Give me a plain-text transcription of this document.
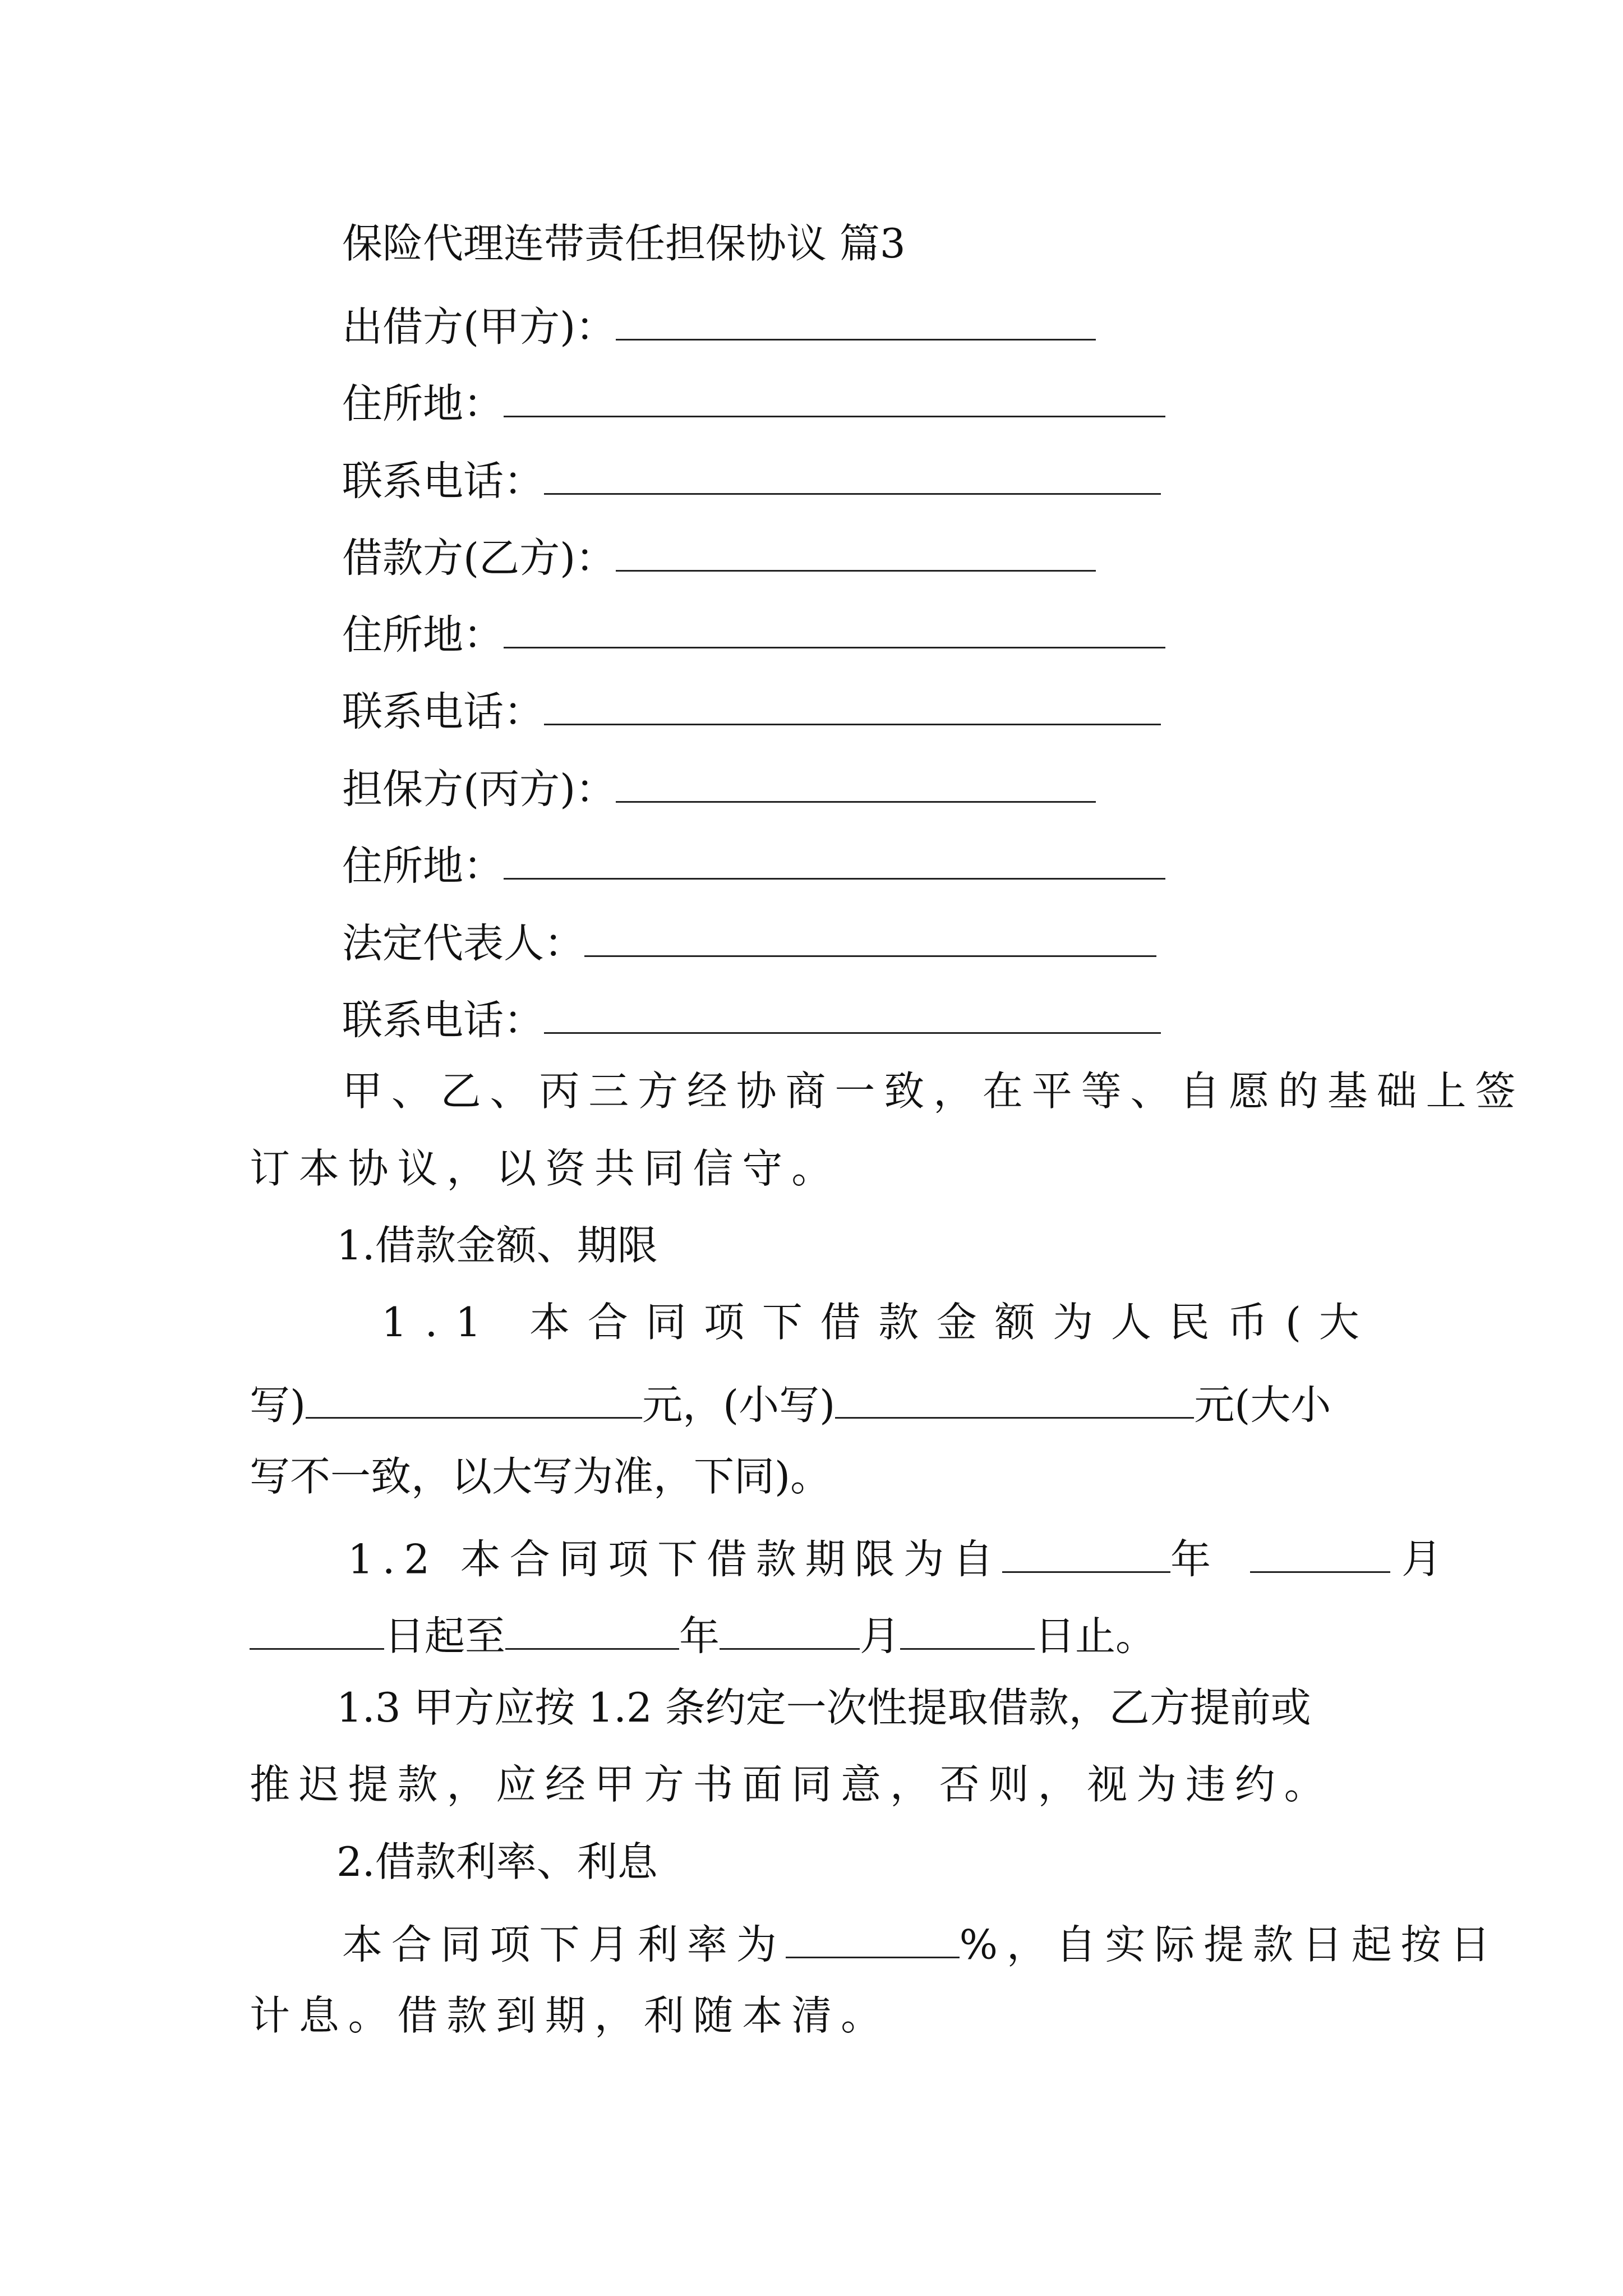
保险代理连带责任担保协议 篇3
出借方(甲方)：
住所地：
联系电话：
借款方(乙方)：
住所地：
联系电话：
担保方(丙方)：
住所地：
法定代表人：
联系电话：
甲、乙、丙三方经协商一致，在平等、自愿的基础上签
订本协议，以资共同信守。
1.借款金额、期限
1.1 本合同项下借款金额为人民币(大
写)	元，(小写)	元(大小
写不一致，以大写为准，下同)。
1.2 本合同项下借款期限为自	年	月
日起至	年	月	日止。
1.3 甲方应按 1.2 条约定一次性提取借款，乙方提前或
推迟提款，应经甲方书面同意，否则，视为违约。
2.借款利率、利息
本合同项下月利率为	%，自实际提款日起按日
计息。借款到期，利随本清。
